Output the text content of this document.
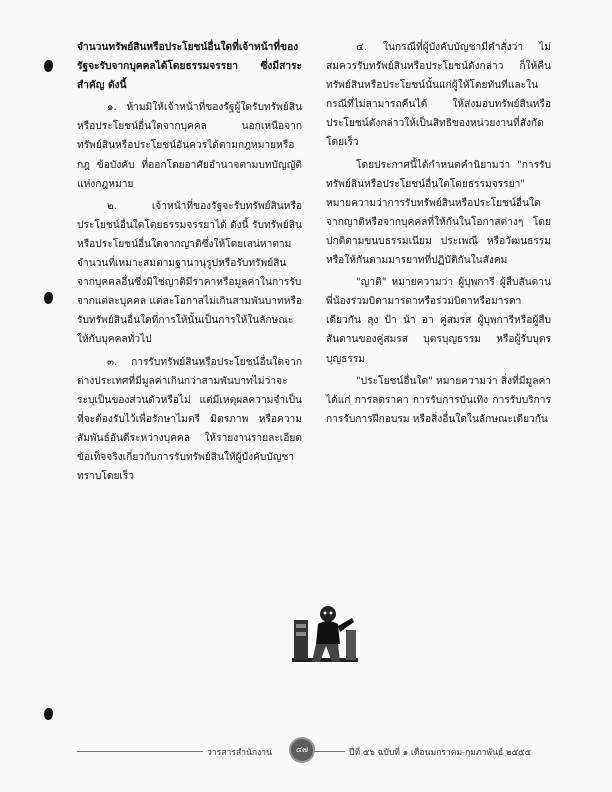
จำนวนทรัพย์สินหรือประโยชน์อื่นใดที่เจ้าหน้าที่ของรัฐจะรับจากบุคคลได้โดยธรรมจรรยา ซึ่งมีสาระสำคัญ ดังนี้

๑. ห้ามมิให้เจ้าหน้าที่ของรัฐผู้ใดรับทรัพย์สินหรือประโยชน์อื่นใดจากบุคคล นอกเหนือจากทรัพย์สินหรือประโยชน์อันควรได้ตามกฎหมายหรือกฎ ข้อบังคับ ที่ออกโดยอาศัยอำนาจตามบทบัญญัติแห่งกฎหมาย

๒. เจ้าหน้าที่ของรัฐจะรับทรัพย์สินหรือประโยชน์อื่นใดโดยธรรมจรรยาได้ ดังนี้ รับทรัพย์สินหรือประโยชน์อื่นใดจากญาติซึ่งให้โดยเสน่หาตามจำนวนที่เหมาะสมตามฐานานุรูปหรือรับทรัพย์สินจากบุคคลอื่นซึ่งมิใช่ญาติมีราคาหรือมูลค่าในการรับจากแต่ละบุคคล แต่ละโอกาสไม่เกินสามพันบาทหรือรับทรัพย์สินอื่นใดที่การให้นั้นเป็นการให้ในลักษณะให้กับบุคคลทั่วไป

๓. การรับทรัพย์สินหรือประโยชน์อื่นใดจากต่างประเทศที่มีมูลค่าเกินกว่าสามพันบาทไม่ว่าจะระบุเป็นของส่วนตัวหรือไม่ แต่มีเหตุผลความจำเป็นที่จะต้องรับไว้เพื่อรักษาไมตรี มิตรภาพ หรือความสัมพันธ์อันดีระหว่างบุคคล ให้รายงานรายละเอียดข้อเท็จจริงเกี่ยวกับการรับทรัพย์สินให้ผู้บังคับบัญชาทราบโดยเร็ว

๔. ในกรณีที่ผู้บังคับบัญชามีคำสั่งว่า ไม่สมควรรับทรัพย์สินหรือประโยชน์ดังกล่าว ก็ให้คืนทรัพย์สินหรือประโยชน์นั้นแก่ผู้ให้โดยทันทีและในกรณีที่ไม่สามารถคืนได้ ให้ส่งมอบทรัพย์สินหรือประโยชน์ดังกล่าวให้เป็นสิทธิของหน่วยงานที่สังกัดโดยเร็ว

โดยประกาศนี้ได้กำหนดคำนิยามว่า "การรับทรัพย์สินหรือประโยชน์อื่นใดโดยธรรมจรรยา" หมายความว่าการรับทรัพย์สินหรือประโยชน์อื่นใดจากญาติหรือจากบุคคลที่ให้กันในโอกาสต่างๆ โดยปกติตามขนบธรรมเนียม ประเพณี หรือวัฒนธรรม หรือให้กันตามมารยาทที่ปฏิบัติกันในสังคม

"ญาติ" หมายความว่า ผู้บุพการี ผู้สืบสันดาน พี่น้องร่วมบิดามารดาหรือร่วมบิดาหรือมารดาเดียวกัน ลุง ป้า น้า อา คู่สมรส ผู้บุพการีหรือผู้สืบสันดานของคู่สมรส บุตรบุญธรรม หรือผู้รับบุตรบุญธรรม

"ประโยชน์อื่นใด" หมายความว่า สิ่งที่มีมูลค่า ได้แก่ การลดราคา การรับการบันเทิง การรับบริการ การรับการฝึกอบรม หรือสิ่งอื่นใดในลักษณะเดียวกัน

วารสารสำนักงาน	๔๗	ปีที่ ๕๖ ฉบับที่ ๑ เดือนมกราคม-กุมภาพันธ์ ๒๕๕๕
